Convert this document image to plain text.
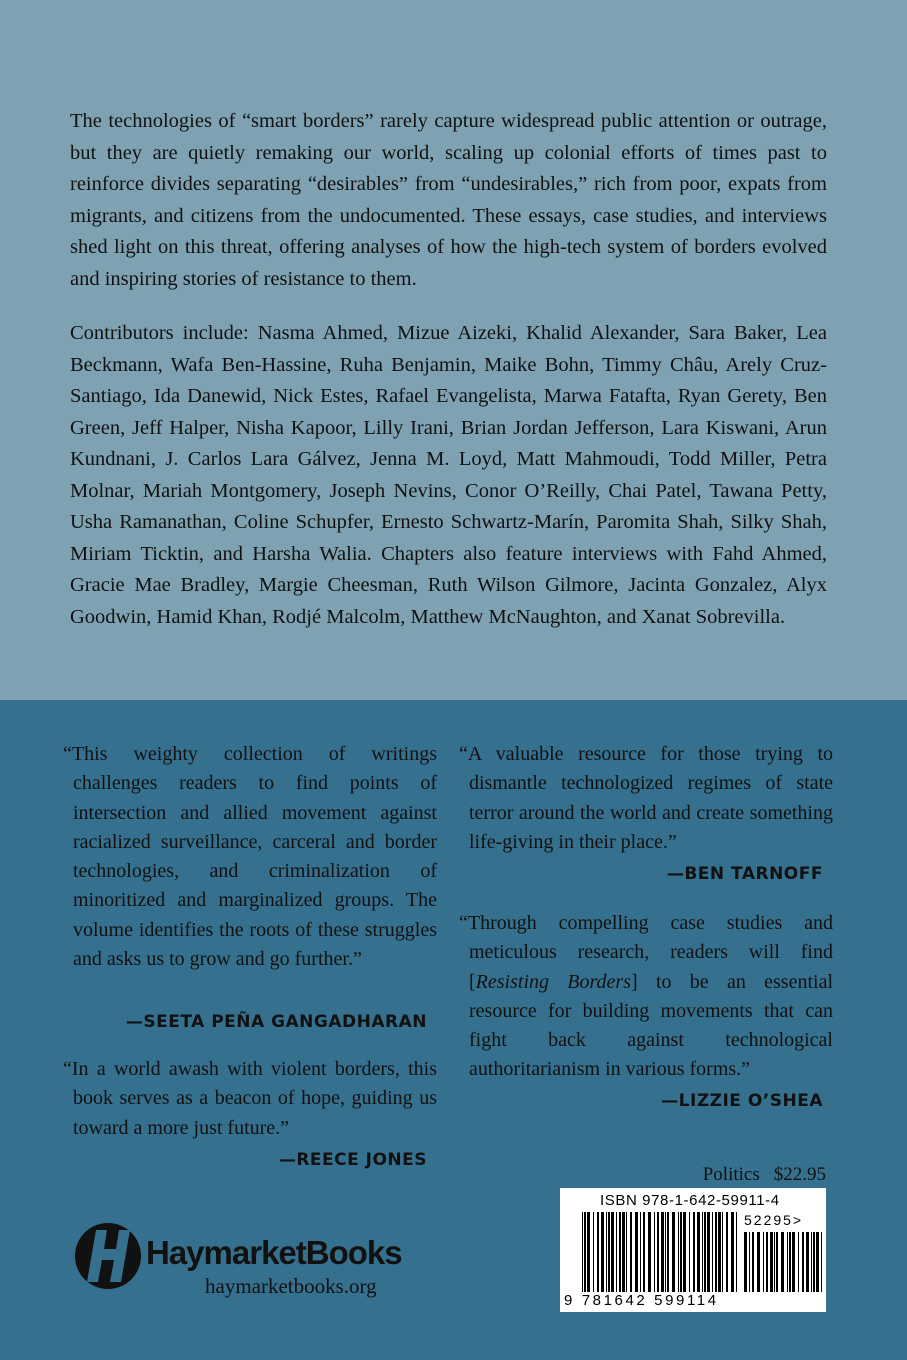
The technologies of “smart borders” rarely capture widespread public attention or outrage, but they are quietly remaking our world, scaling up colonial efforts of times past to reinforce divides separating “desirables” from “undesirables,” rich from poor, expats from migrants, and citizens from the undocumented. These essays, case studies, and interviews shed light on this threat, offering analyses of how the high-tech system of borders evolved and inspiring stories of resistance to them.

Contributors include: Nasma Ahmed, Mizue Aizeki, Khalid Alexander, Sara Baker, Lea Beckmann, Wafa Ben-Hassine, Ruha Benjamin, Maike Bohn, Timmy Châu, Arely Cruz-Santiago, Ida Danewid, Nick Estes, Rafael Evangelista, Marwa Fatafta, Ryan Gerety, Ben Green, Jeff Halper, Nisha Kapoor, Lilly Irani, Brian Jordan Jefferson, Lara Kiswani, Arun Kundnani, J. Carlos Lara Gálvez, Jenna M. Loyd, Matt Mahmoudi, Todd Miller, Petra Molnar, Mariah Montgomery, Joseph Nevins, Conor O’Reilly, Chai Patel, Tawana Petty, Usha Ramanathan, Coline Schupfer, Ernesto Schwartz-Marín, Paromita Shah, Silky Shah, Miriam Ticktin, and Harsha Walia. Chapters also feature interviews with Fahd Ahmed, Gracie Mae Bradley, Margie Cheesman, Ruth Wilson Gilmore, Jacinta Gonzalez, Alyx Goodwin, Hamid Khan, Rodjé Malcolm, Matthew McNaughton, and Xanat Sobrevilla.

“This weighty collection of writings challenges readers to find points of intersection and allied movement against racialized surveillance, carceral and border technologies, and criminalization of minoritized and marginalized groups. The volume identifies the roots of these struggles and asks us to grow and go further.”

—SEETA PEÑA GANGADHARAN

“In a world awash with violent borders, this book serves as a beacon of hope, guiding us toward a more just future.”

—REECE JONES

“A valuable resource for those trying to dismantle technologized regimes of state terror around the world and create something life-giving in their place.”

—BEN TARNOFF

“Through compelling case studies and meticulous research, readers will find [Resisting Borders] to be an essential resource for building movements that can fight back against technological authoritarianism in various forms.”

—LIZZIE O’SHEA

Politics $22.95

HaymarketBooks
haymarketbooks.org
ISBN 978-1-642-59911-4
52295>
9 781642 599114
